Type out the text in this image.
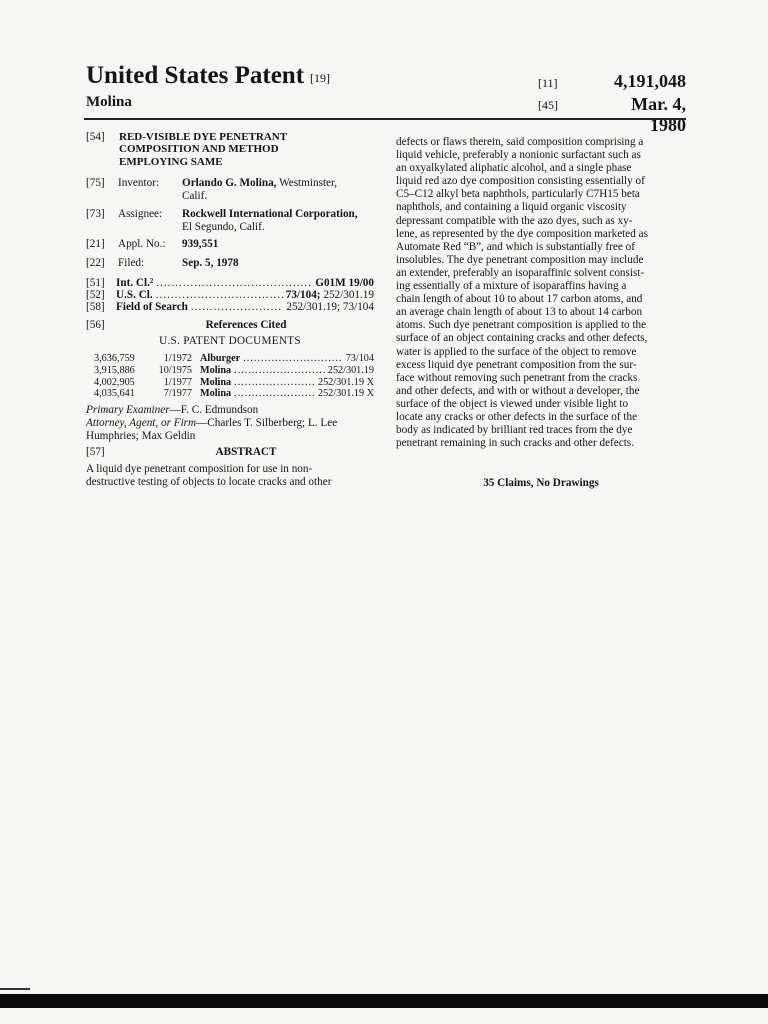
United States Patent [19]
Molina
[11]	4,191,048
[45]	Mar. 4, 1980
[54]	RED-VISIBLE DYE PENETRANT
COMPOSITION AND METHOD
EMPLOYING SAME
[75]	Inventor:	Orlando G. Molina, Westminster,
Calif.
[73]	Assignee:	Rockwell International Corporation,
El Segundo, Calif.
[21]	Appl. No.:	939,551
[22]	Filed:	Sep. 5, 1978
[51]	Int. Cl.² .....	G01M 19/00
[52]	U.S. Cl. .....	73/104; 252/301.19
[58]	Field of Search .....	252/301.19; 73/104
[56]	References Cited
U.S. PATENT DOCUMENTS
3,636,759	1/1972 Alburger .....	73/104
3,915,886	10/1975 Molina .....	252/301.19
4,002,905	1/1977 Molina .....	252/301.19 X
4,035,641	7/1977 Molina .....	252/301.19 X
Primary Examiner—F. C. Edmundson
Attorney, Agent, or Firm—Charles T. Silberberg; L. Lee
Humphries; Max Geldin
[57]	ABSTRACT
A liquid dye penetrant composition for use in non-
destructive testing of objects to locate cracks and other
defects or flaws therein, said composition comprising a
liquid vehicle, preferably a nonionic surfactant such as
an oxyalkylated aliphatic alcohol, and a single phase
liquid red azo dye composition consisting essentially of
C5–C12 alkyl beta naphthols, particularly C7H15 beta
naphthols, and containing a liquid organic viscosity
depressant compatible with the azo dyes, such as xy-
lene, as represented by the dye composition marketed as
Automate Red “B”, and which is substantially free of
insolubles. The dye penetrant composition may include
an extender, preferably an isoparaffinic solvent consist-
ing essentially of a mixture of isoparaffins having a
chain length of about 10 to about 17 carbon atoms, and
an average chain length of about 13 to about 14 carbon
atoms. Such dye penetrant composition is applied to the
surface of an object containing cracks and other defects,
water is applied to the surface of the object to remove
excess liquid dye penetrant composition from the sur-
face without removing such penetrant from the cracks
and other defects, and with or without a developer, the
surface of the object is viewed under visible light to
locate any cracks or other defects in the surface of the
body as indicated by brilliant red traces from the dye
penetrant remaining in such cracks and other defects.
35 Claims, No Drawings
